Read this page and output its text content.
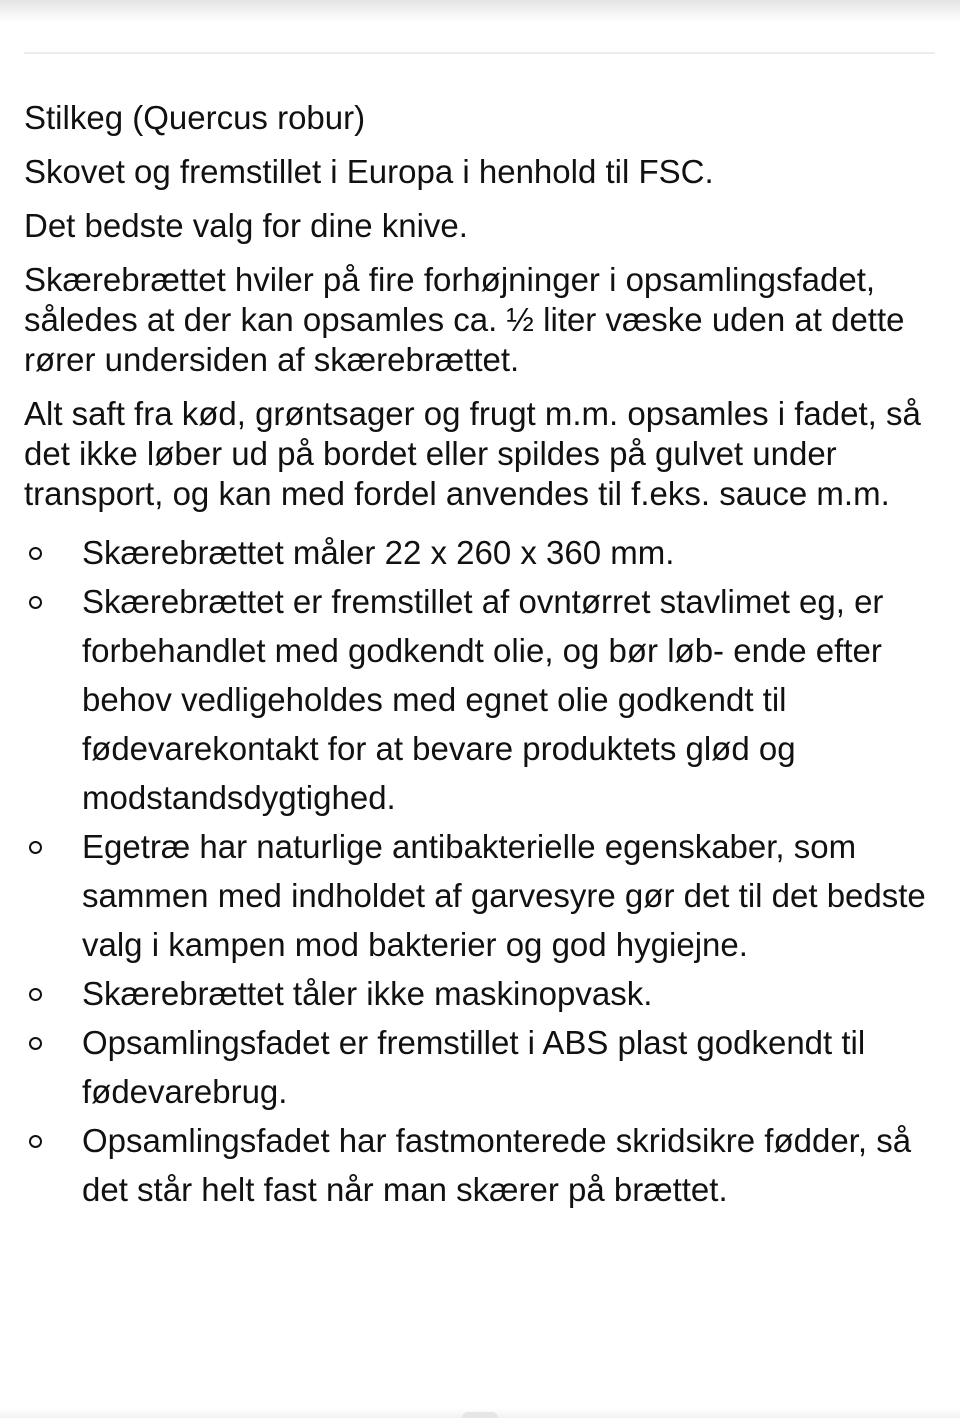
Stilkeg (Quercus robur)

Skovet og fremstillet i Europa i henhold til FSC.

Det bedste valg for dine knive.

Skærebrættet hviler på fire forhøjninger i opsamlingsfadet, således at der kan opsamles ca. ½ liter væske uden at dette rører undersiden af skærebrættet.

Alt saft fra kød, grøntsager og frugt m.m. opsamles i fadet, så det ikke løber ud på bordet eller spildes på gulvet under transport, og kan med fordel anvendes til f.eks. sauce m.m.

Skærebrættet måler 22 x 260 x 360 mm.
Skærebrættet er fremstillet af ovntørret stavlimet eg, er forbehandlet med godkendt olie, og bør løb- ende efter behov vedligeholdes med egnet olie godkendt til fødevarekontakt for at bevare produktets glød og modstandsdygtighed.
Egetræ har naturlige antibakterielle egenskaber, som sammen med indholdet af garvesyre gør det til det bedste valg i kampen mod bakterier og god hygiejne.
Skærebrættet tåler ikke maskinopvask.
Opsamlingsfadet er fremstillet i ABS plast godkendt til fødevarebrug.
Opsamlingsfadet har fastmonterede skridsikre fødder, så det står helt fast når man skærer på brættet.
